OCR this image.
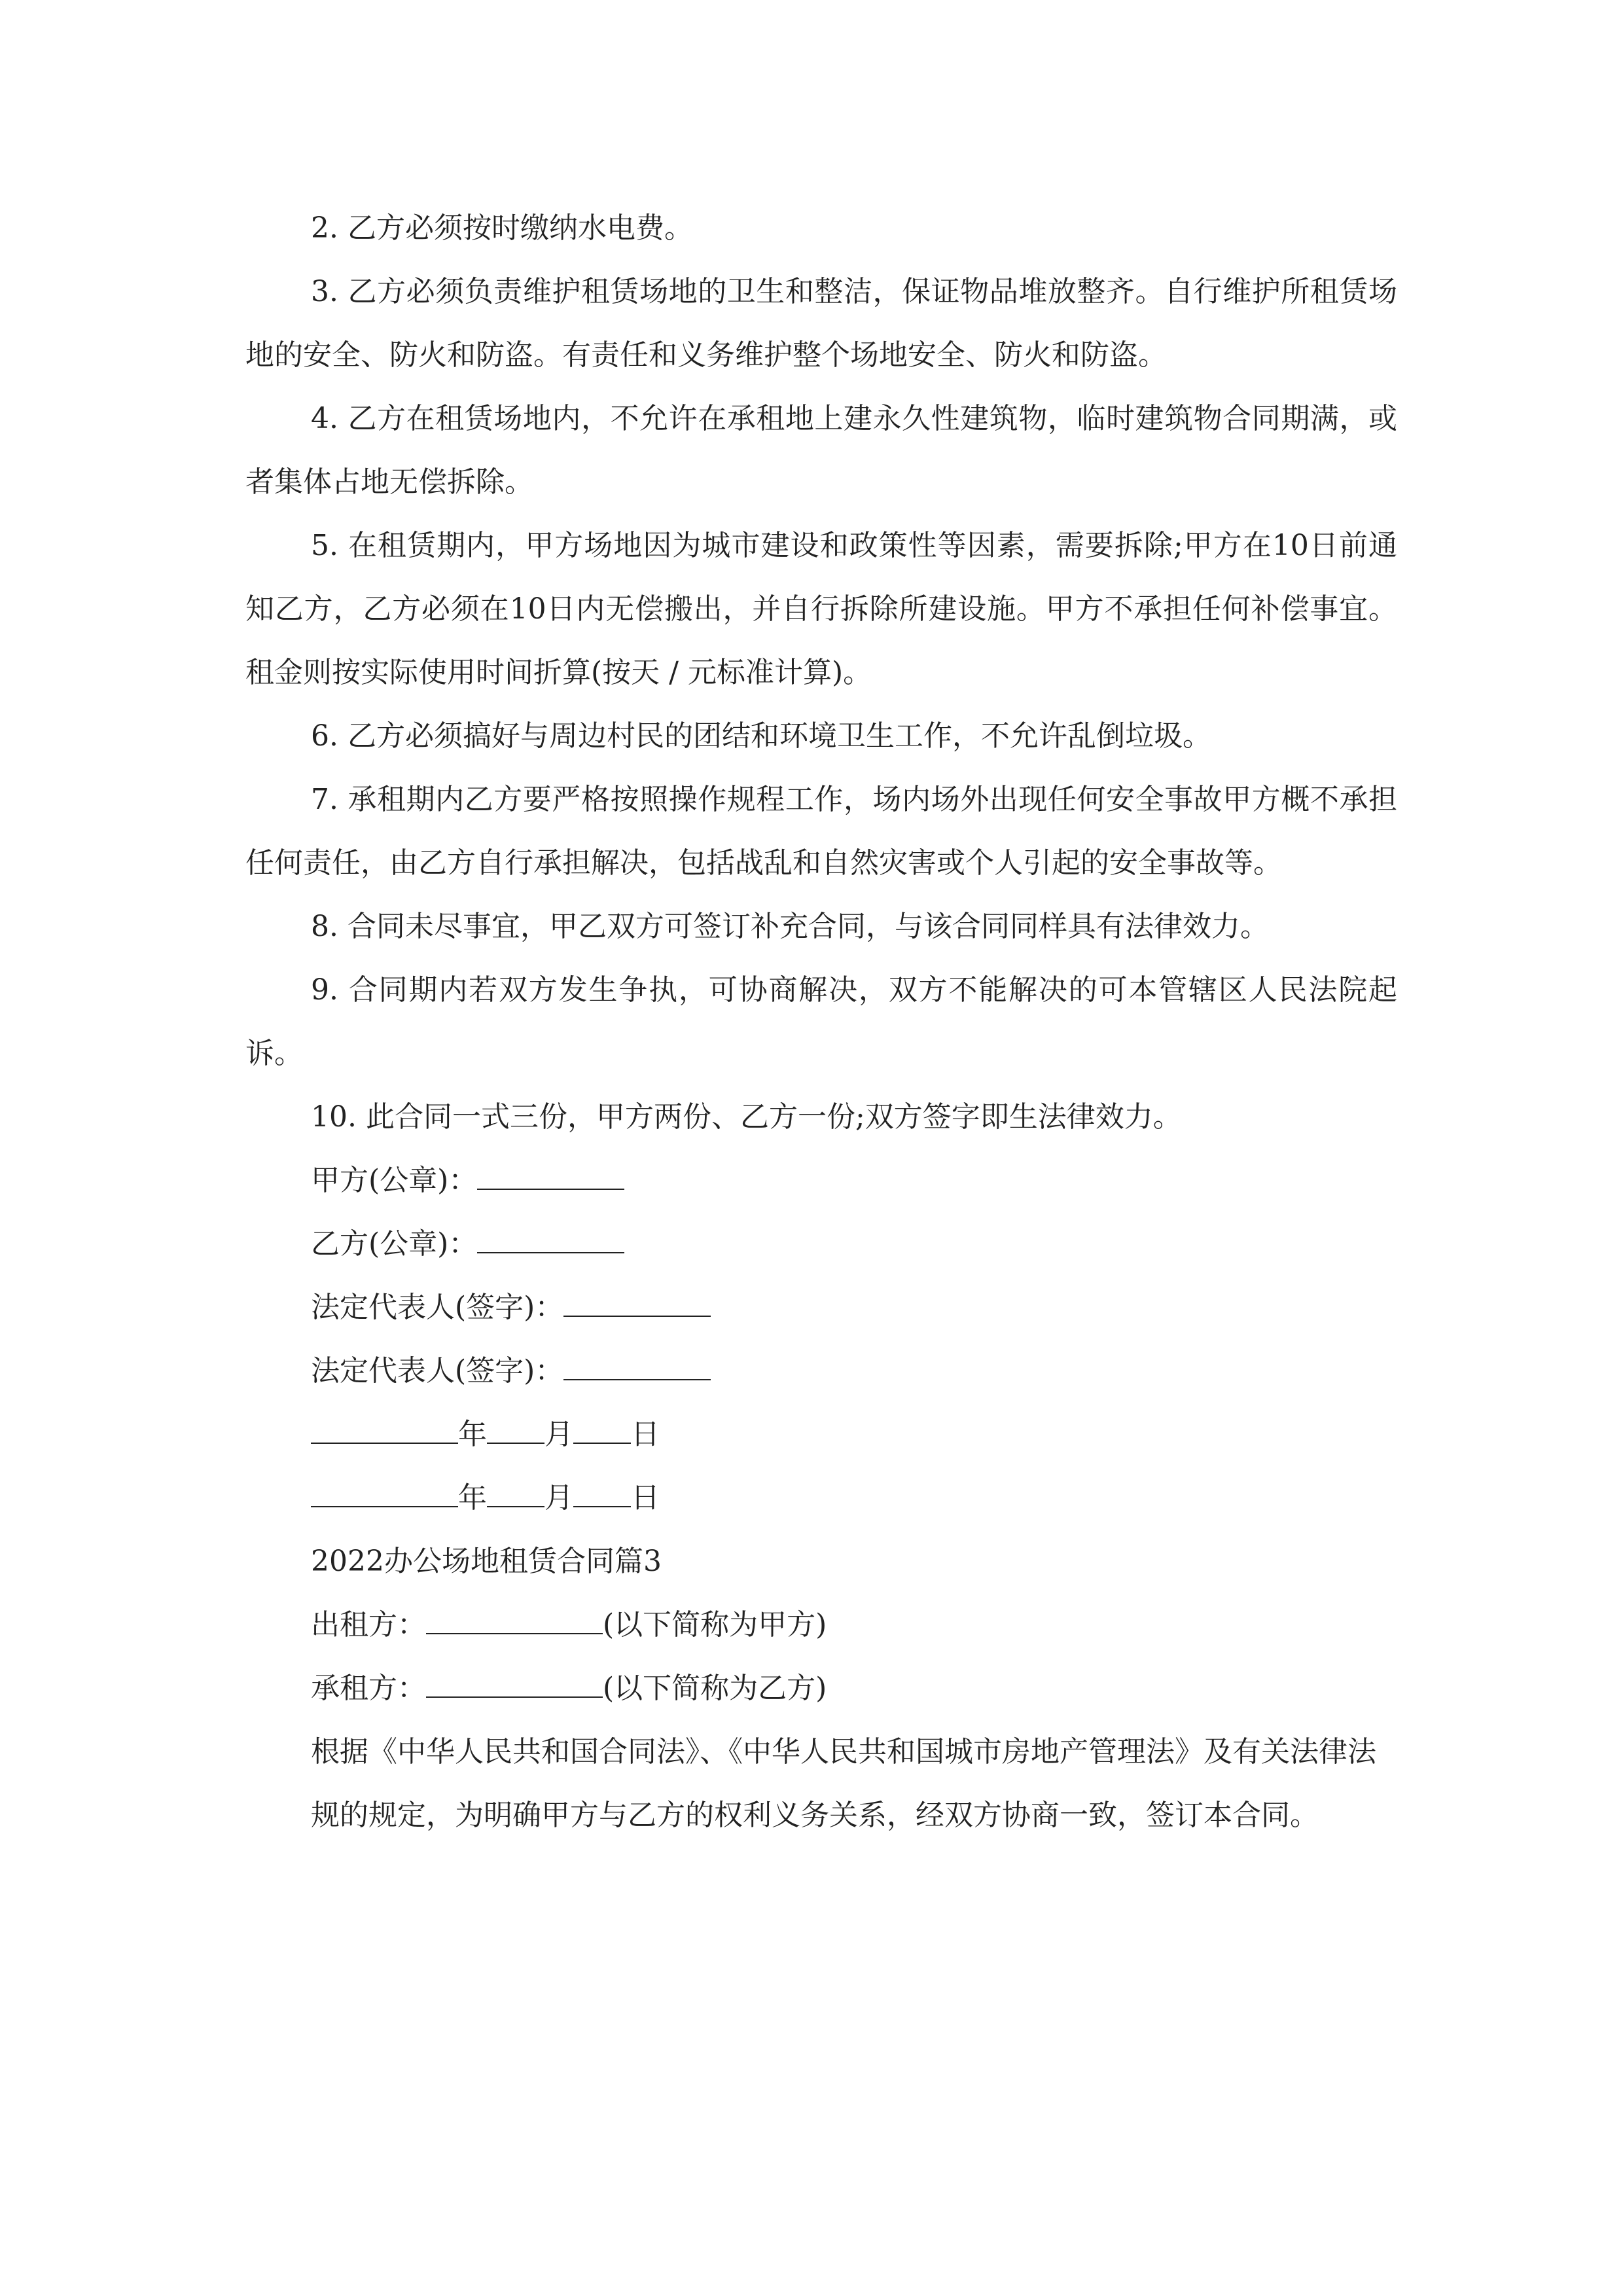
2. 乙方必须按时缴纳水电费。

3. 乙方必须负责维护租赁场地的卫生和整洁，保证物品堆放整齐。自行维护所租赁场地的安全、防火和防盗。有责任和义务维护整个场地安全、防火和防盗。

4. 乙方在租赁场地内，不允许在承租地上建永久性建筑物，临时建筑物合同期满，或者集体占地无偿拆除。

5. 在租赁期内，甲方场地因为城市建设和政策性等因素，需要拆除;甲方在10日前通知乙方，乙方必须在10日内无偿搬出，并自行拆除所建设施。甲方不承担任何补偿事宜。租金则按实际使用时间折算(按天 / 元标准计算)。

6. 乙方必须搞好与周边村民的团结和环境卫生工作，不允许乱倒垃圾。

7. 承租期内乙方要严格按照操作规程工作，场内场外出现任何安全事故甲方概不承担任何责任，由乙方自行承担解决，包括战乱和自然灾害或个人引起的安全事故等。

8. 合同未尽事宜，甲乙双方可签订补充合同，与该合同同样具有法律效力。

9. 合同期内若双方发生争执，可协商解决，双方不能解决的可本管辖区人民法院起诉。

10. 此合同一式三份，甲方两份、乙方一份;双方签字即生法律效力。

甲方(公章)：

乙方(公章)：

法定代表人(签字)：

法定代表人(签字)：

年 月 日

年 月 日

2022办公场地租赁合同篇3

出租方：	(以下简称为甲方)

承租方：	(以下简称为乙方)

根据《中华人民共和国合同法》、《中华人民共和国城市房地产管理法》及有关法律法

规的规定，为明确甲方与乙方的权利义务关系，经双方协商一致，签订本合同。
